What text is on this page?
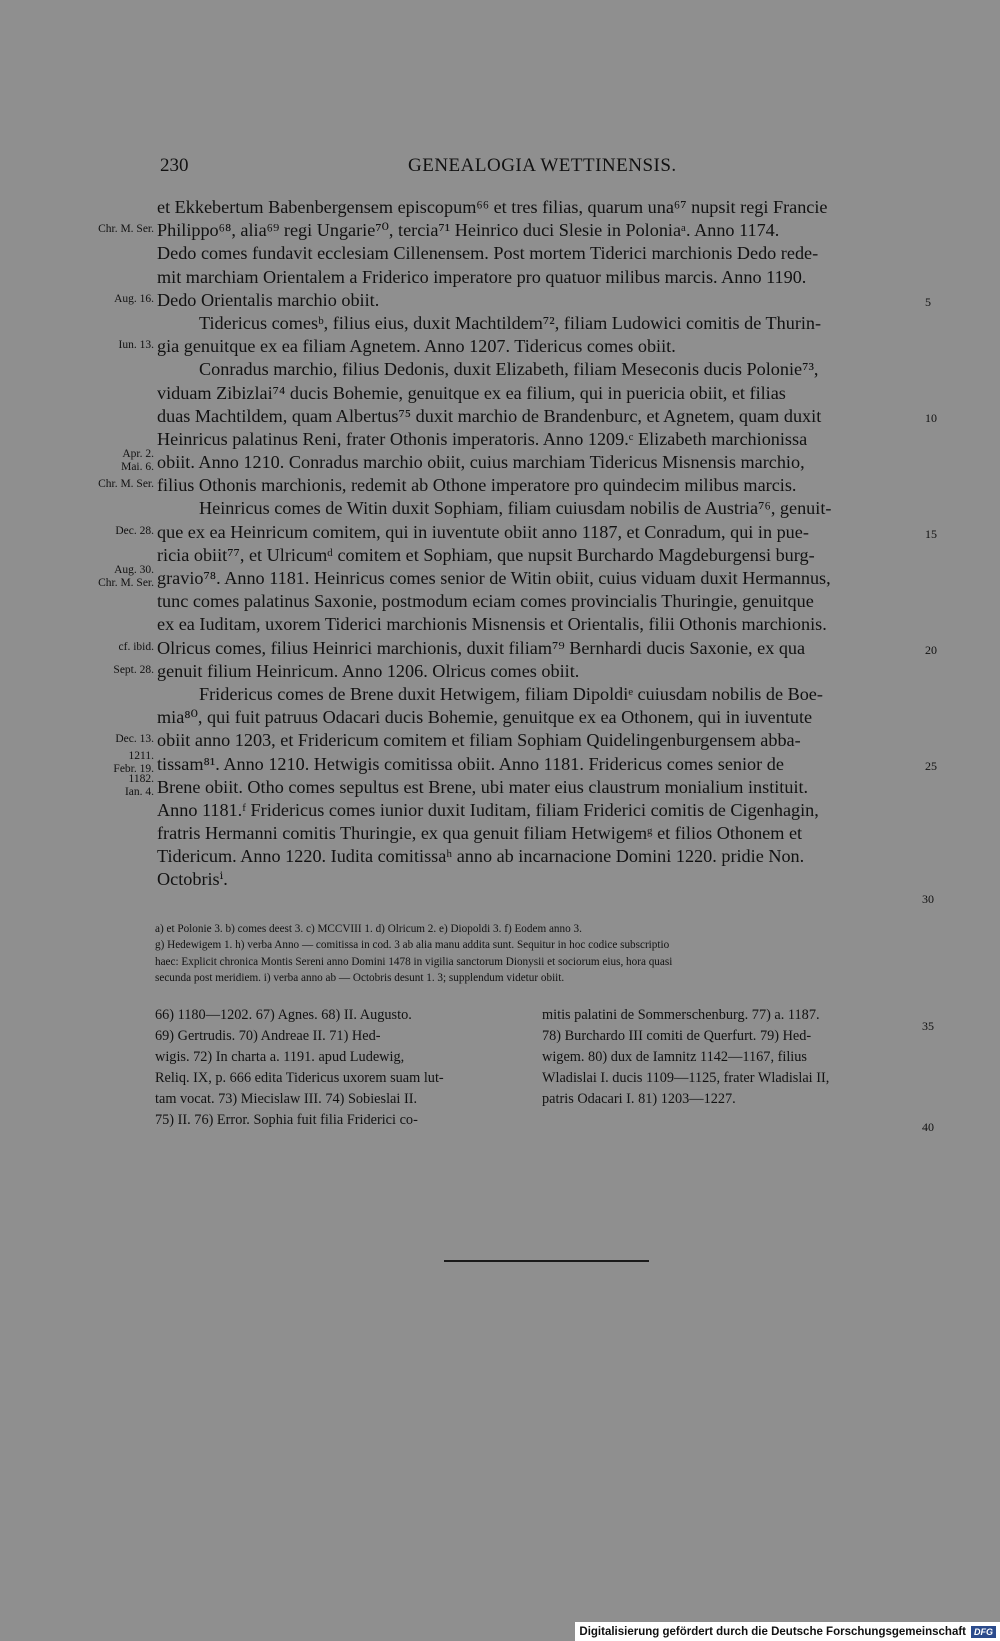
230	GENEALOGIA WETTINENSIS.
et Ekkebertum Babenbergensem episcopum⁶⁶ et tres filias, quarum una⁶⁷ nupsit regi Francie
Chr. M. Ser. Philippo⁶⁸, alia⁶⁹ regi Ungarie⁷⁰, tercia⁷¹ Heinrico duci Slesie in Poloniaᵃ. Anno 1174.
Dedo comes fundavit ecclesiam Cillenensem. Post mortem Tiderici marchionis Dedo rede-
mit marchiam Orientalem a Friderico imperatore pro quatuor milibus marcis. Anno 1190.
Aug. 16. Dedo Orientalis marchio obiit.	5
Tidericus comesᵇ, filius eius, duxit Machtildem⁷², filiam Ludowici comitis de Thurin-
Iun. 13. gia genuitque ex ea filiam Agnetem. Anno 1207. Tidericus comes obiit.
Conradus marchio, filius Dedonis, duxit Elizabeth, filiam Meseconis ducis Polonie⁷³,
viduam Zibizlai⁷⁴ ducis Bohemie, genuitque ex ea filium, qui in puericia obiit, et filias
duas Machtildem, quam Albertus⁷⁵ duxit marchio de Brandenburc, et Agnetem, quam duxit	10
Heinricus palatinus Reni, frater Othonis imperatoris. Anno 1209.ᶜ Elizabeth marchionissa
Apr. 2.
Mai. 6. obiit. Anno 1210. Conradus marchio obiit, cuius marchiam Tidericus Misnensis marchio,
Chr. M. Ser. filius Othonis marchionis, redemit ab Othone imperatore pro quindecim milibus marcis.
Heinricus comes de Witin duxit Sophiam, filiam cuiusdam nobilis de Austria⁷⁶, genuit-
Dec. 28. que ex ea Heinricum comitem, qui in iuventute obiit anno 1187, et Conradum, qui in pue-	15
ricia obiit⁷⁷, et Ulricumᵈ comitem et Sophiam, que nupsit Burchardo Magdeburgensi burg-
Aug. 30.
Chr. M. Ser. gravio⁷⁸. Anno 1181. Heinricus comes senior de Witin obiit, cuius viduam duxit Hermannus,
tunc comes palatinus Saxonie, postmodum eciam comes provincialis Thuringie, genuitque
ex ea Iuditam, uxorem Tiderici marchionis Misnensis et Orientalis, filii Othonis marchionis.
cf. ibid. Olricus comes, filius Heinrici marchionis, duxit filiam⁷⁹ Bernhardi ducis Saxonie, ex qua	20
Sept. 28. genuit filium Heinricum. Anno 1206. Olricus comes obiit.
Fridericus comes de Brene duxit Hetwigem, filiam Dipoldiᵉ cuiusdam nobilis de Boe-
mia⁸⁰, qui fuit patruus Odacari ducis Bohemie, genuitque ex ea Othonem, qui in iuventute
Dec. 13. obiit anno 1203, et Fridericum comitem et filiam Sophiam Quidelingenburgensem abba-
1211.
Febr. 19. tissam⁸¹. Anno 1210. Hetwigis comitissa obiit. Anno 1181. Fridericus comes senior de	25
1182.
Ian. 4. Brene obiit. Otho comes sepultus est Brene, ubi mater eius claustrum monialium instituit.
Anno 1181.ᶠ Fridericus comes iunior duxit Iuditam, filiam Friderici comitis de Cigenhagin,
fratris Hermanni comitis Thuringie, ex qua genuit filiam Hetwigemᵍ et filios Othonem et
Tidericum. Anno 1220. Iudita comitissaʰ anno ab incarnacione Domini 1220. pridie Non.
Octobrisⁱ.
30
a) et Polonie 3. b) comes deest 3. c) MCCVIII 1. d) Olricum 2. e) Diopoldi 3. f) Eodem anno 3.
g) Hedewigem 1. h) verba Anno — comitissa in cod. 3 ab alia manu addita sunt. Sequitur in hoc codice subscriptio
haec: Explicit chronica Montis Sereni anno Domini 1478 in vigilia sanctorum Dionysii et sociorum eius, hora quasi
secunda post meridiem. i) verba anno ab — Octobris desunt 1. 3; supplendum videtur obiit.
66) 1180—1202. 67) Agnes. 68) II. Augusto.
69) Gertrudis. 70) Andreae II. 71) Hed-
wigis. 72) In charta a. 1191. apud Ludewig,
Reliq. IX, p. 666 edita Tidericus uxorem suam lut-
tam vocat. 73) Miecislaw III. 74) Sobieslai II.
75) II. 76) Error. Sophia fuit filia Friderici co-
mitis palatini de Sommerschenburg. 77) a. 1187.
78) Burchardo III comiti de Querfurt. 79) Hed-
wigem. 80) dux de Iamnitz 1142—1167, filius
Wladislai I. ducis 1109—1125, frater Wladislai II,
patris Odacari I. 81) 1203—1227.
35
40
Digitalisierung gefördert durch die Deutsche Forschungsgemeinschaft DFG
